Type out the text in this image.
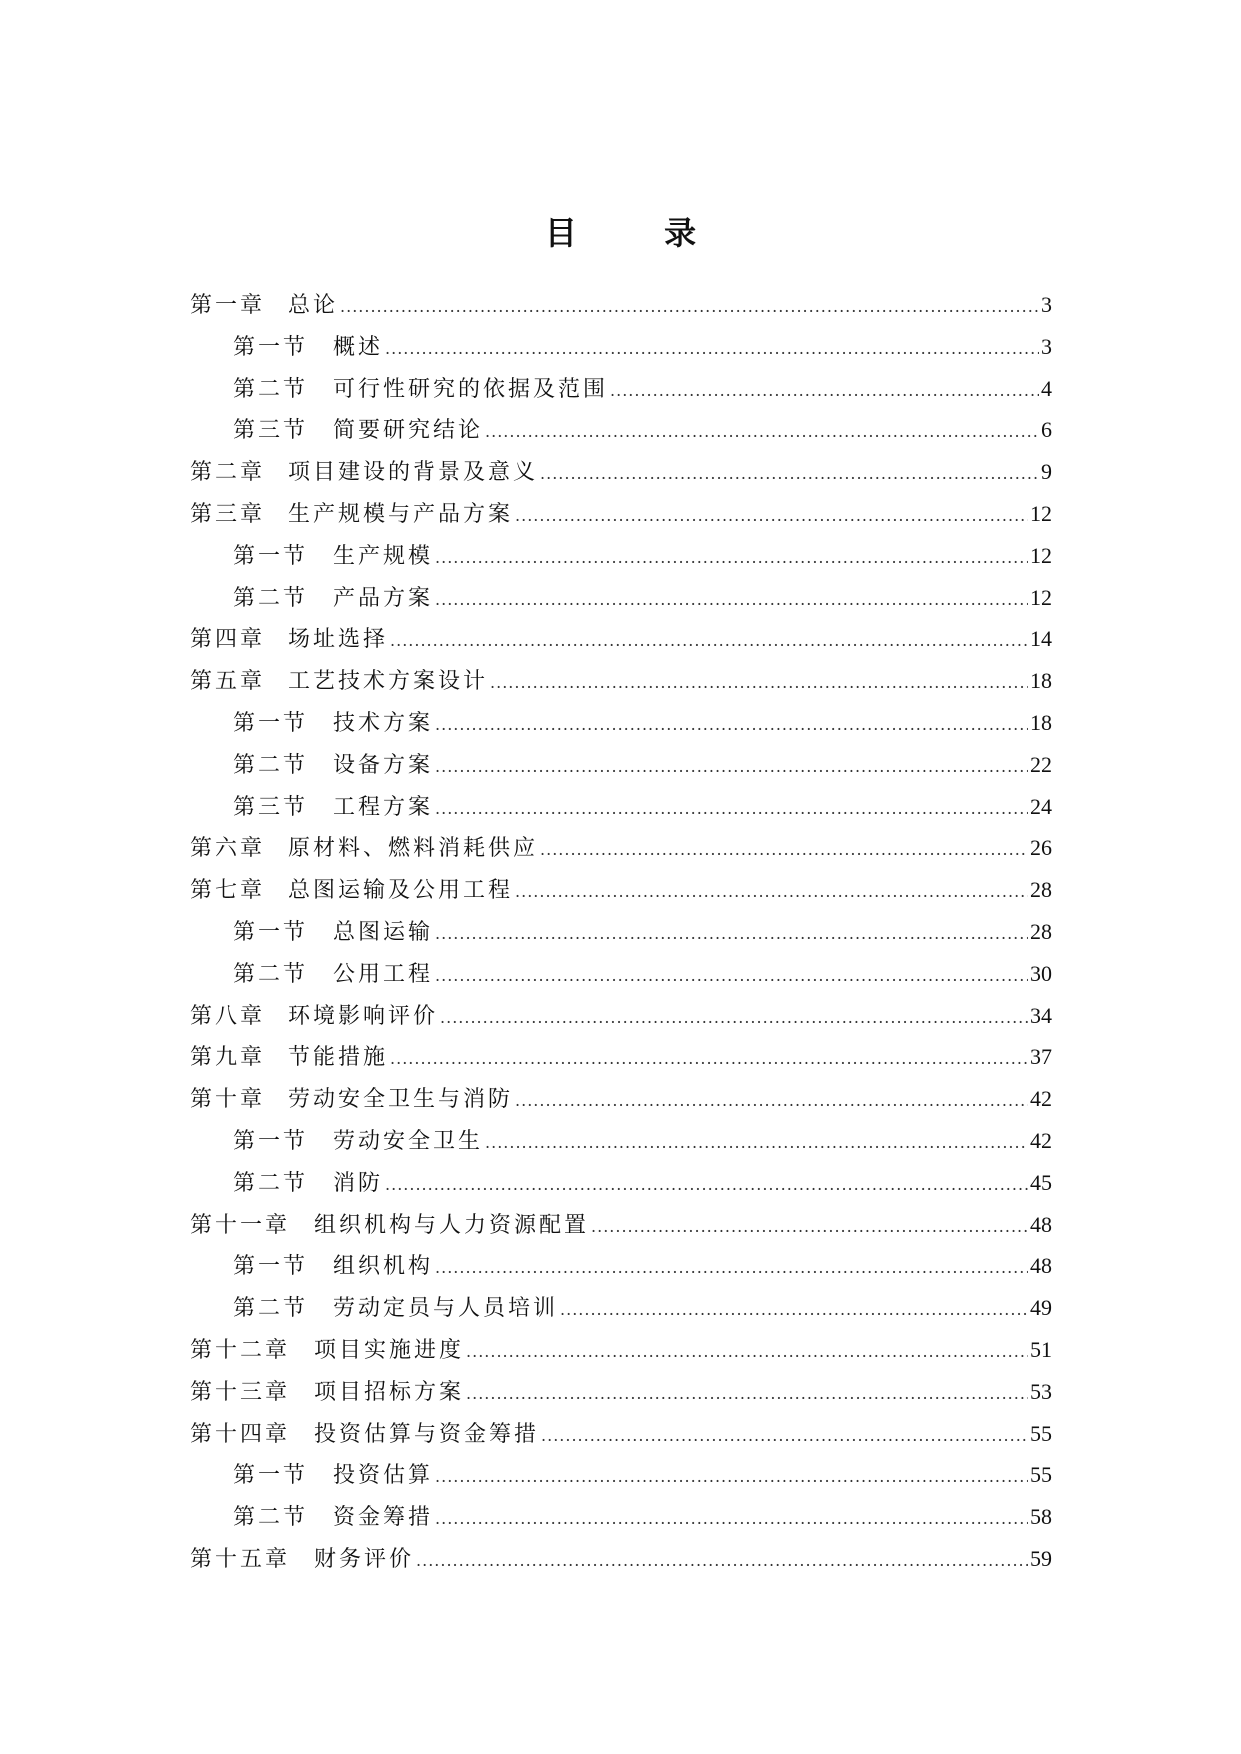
目 录
第一章	总论 .....	3
第一节	概述 .....	3
第二节	可行性研究的依据及范围 .....	4
第三节	简要研究结论 .....	6
第二章	项目建设的背景及意义 .....	9
第三章	生产规模与产品方案 .....	12
第一节	生产规模 .....	12
第二节	产品方案 .....	12
第四章	场址选择 .....	14
第五章	工艺技术方案设计 .....	18
第一节	技术方案 .....	18
第二节	设备方案 .....	22
第三节	工程方案 .....	24
第六章	原材料、燃料消耗供应 .....	26
第七章	总图运输及公用工程 .....	28
第一节	总图运输 .....	28
第二节	公用工程 .....	30
第八章	环境影响评价 .....	34
第九章	节能措施 .....	37
第十章	劳动安全卫生与消防 .....	42
第一节	劳动安全卫生 .....	42
第二节	消防 .....	45
第十一章	组织机构与人力资源配置 .....	48
第一节	组织机构 .....	48
第二节	劳动定员与人员培训 .....	49
第十二章	项目实施进度 .....	51
第十三章	项目招标方案 .....	53
第十四章	投资估算与资金筹措 .....	55
第一节	投资估算 .....	55
第二节	资金筹措 .....	58
第十五章	财务评价 .....	59
